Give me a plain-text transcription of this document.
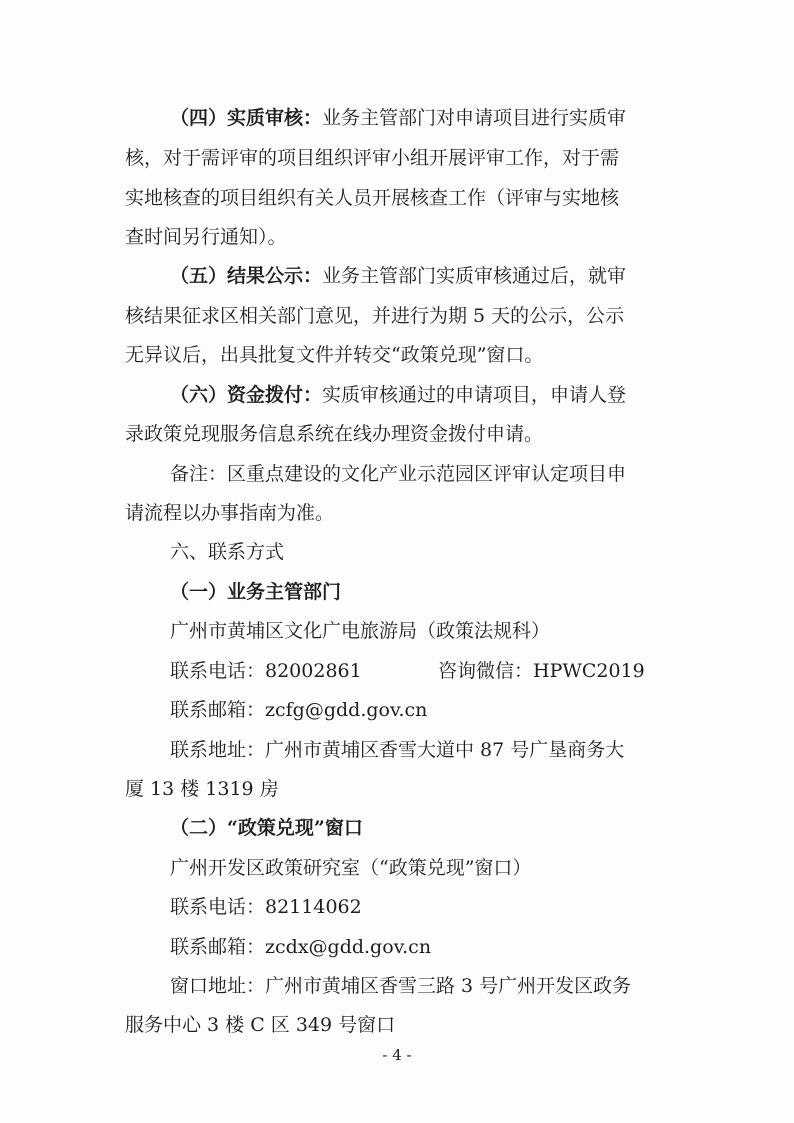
（四）实质审核：业务主管部门对申请项目进行实质审
核，对于需评审的项目组织评审小组开展评审工作，对于需
实地核查的项目组织有关人员开展核查工作（评审与实地核
查时间另行通知）。
（五）结果公示：业务主管部门实质审核通过后，就审
核结果征求区相关部门意见，并进行为期 5 天的公示，公示
无异议后，出具批复文件并转交“政策兑现”窗口。
（六）资金拨付：实质审核通过的申请项目，申请人登
录政策兑现服务信息系统在线办理资金拨付申请。
备注：区重点建设的文化产业示范园区评审认定项目申
请流程以办事指南为准。
六、联系方式
（一）业务主管部门
广州市黄埔区文化广电旅游局（政策法规科）
联系电话：82002861	咨询微信：HPWC2019
联系邮箱：zcfg@gdd.gov.cn
联系地址：广州市黄埔区香雪大道中 87 号广垦商务大
厦 13 楼 1319 房
（二）“政策兑现”窗口
广州开发区政策研究室（“政策兑现”窗口）
联系电话：82114062
联系邮箱：zcdx@gdd.gov.cn
窗口地址：广州市黄埔区香雪三路 3 号广州开发区政务
服务中心 3 楼 C 区 349 号窗口
- 4 -
